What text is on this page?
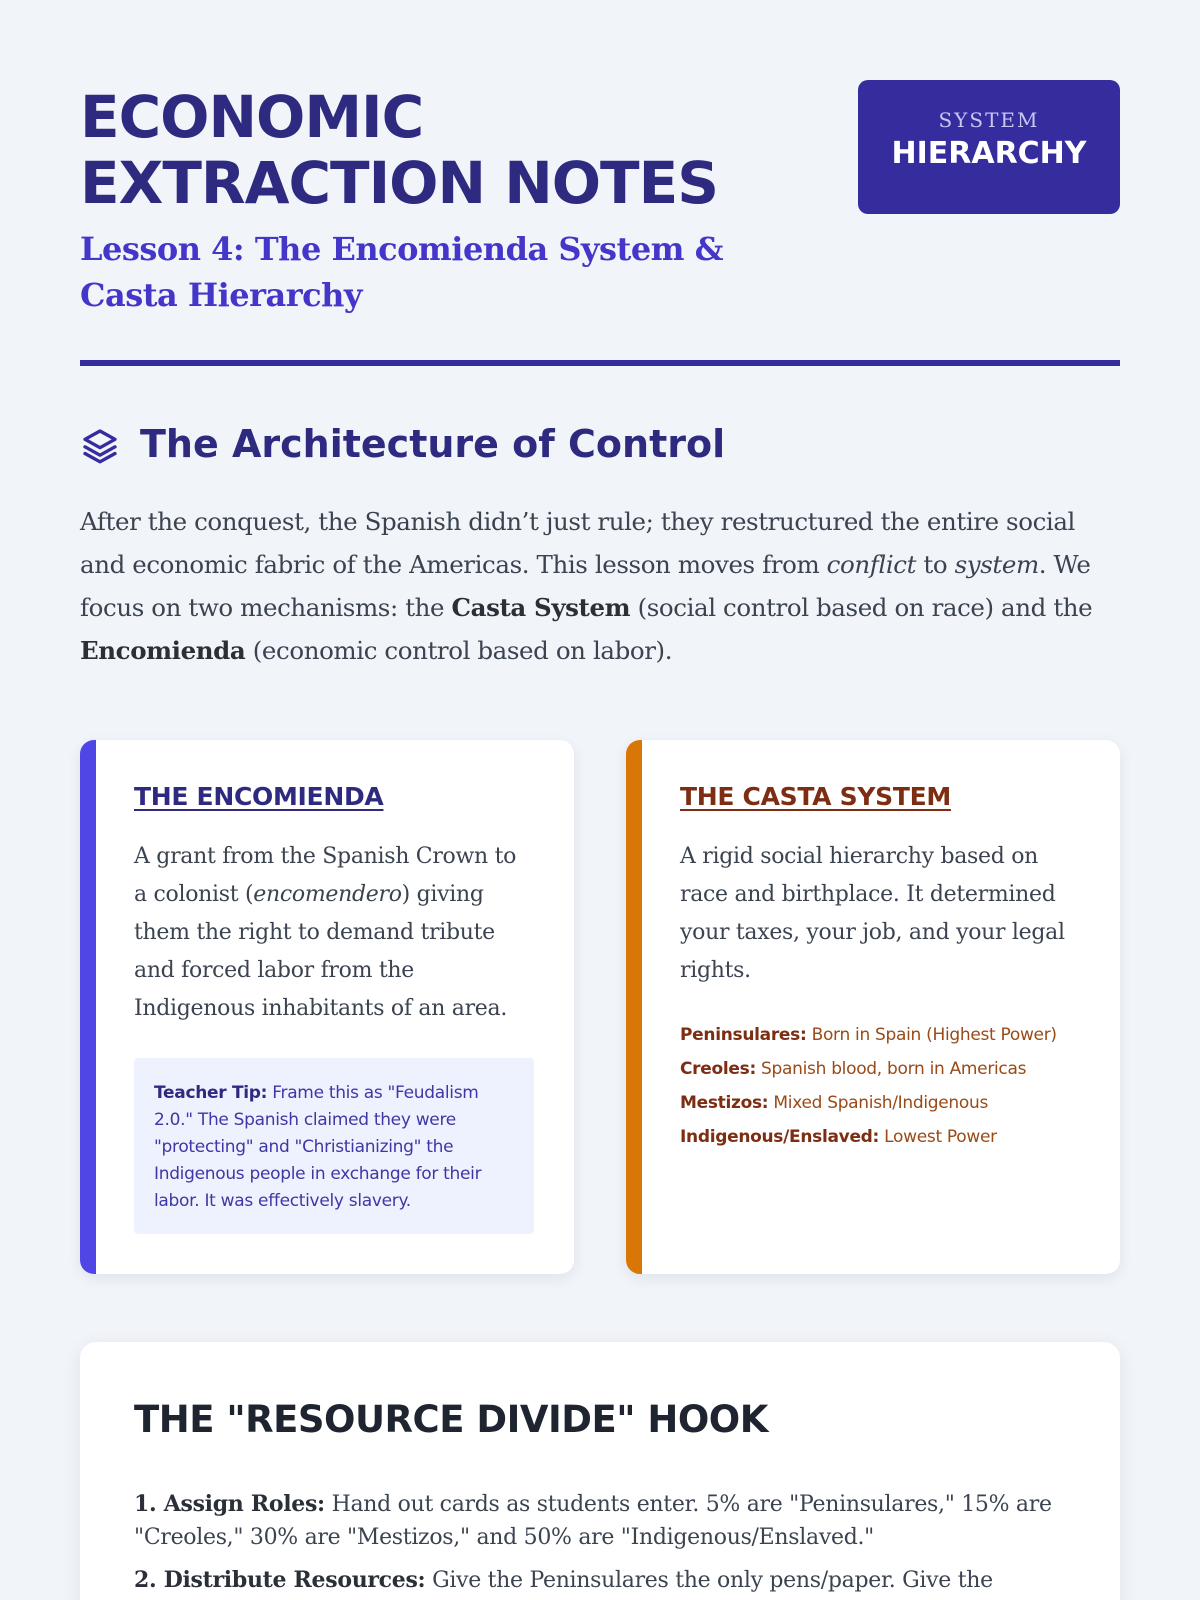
ECONOMIC EXTRACTION NOTES
Lesson 4: The Encomienda System & Casta Hierarchy
SYSTEM
HIERARCHY
The Architecture of Control

After the conquest, the Spanish didn’t just rule; they restructured the entire social and economic fabric of the Americas. This lesson moves from conflict to system. We focus on two mechanisms: the Casta System (social control based on race) and the Encomienda (economic control based on labor).

THE ENCOMIENDA

A grant from the Spanish Crown to a colonist (encomendero) giving them the right to demand tribute and forced labor from the Indigenous inhabitants of an area.

Teacher Tip: Frame this as "Feudalism 2.0." The Spanish claimed they were "protecting" and "Christianizing" the Indigenous people in exchange for their labor. It was effectively slavery.
THE CASTA SYSTEM

A rigid social hierarchy based on race and birthplace. It determined your taxes, your job, and your legal rights.

Peninsulares: Born in Spain (Highest Power)
Creoles: Spanish blood, born in Americas
Mestizos: Mixed Spanish/Indigenous
Indigenous/Enslaved: Lowest Power
THE "RESOURCE DIVIDE" HOOK

1. Assign Roles: Hand out cards as students enter. 5% are "Peninsulares," 15% are "Creoles," 30% are "Mestizos," and 50% are "Indigenous/Enslaved."

2. Distribute Resources: Give the Peninsulares the only pens/paper. Give the
